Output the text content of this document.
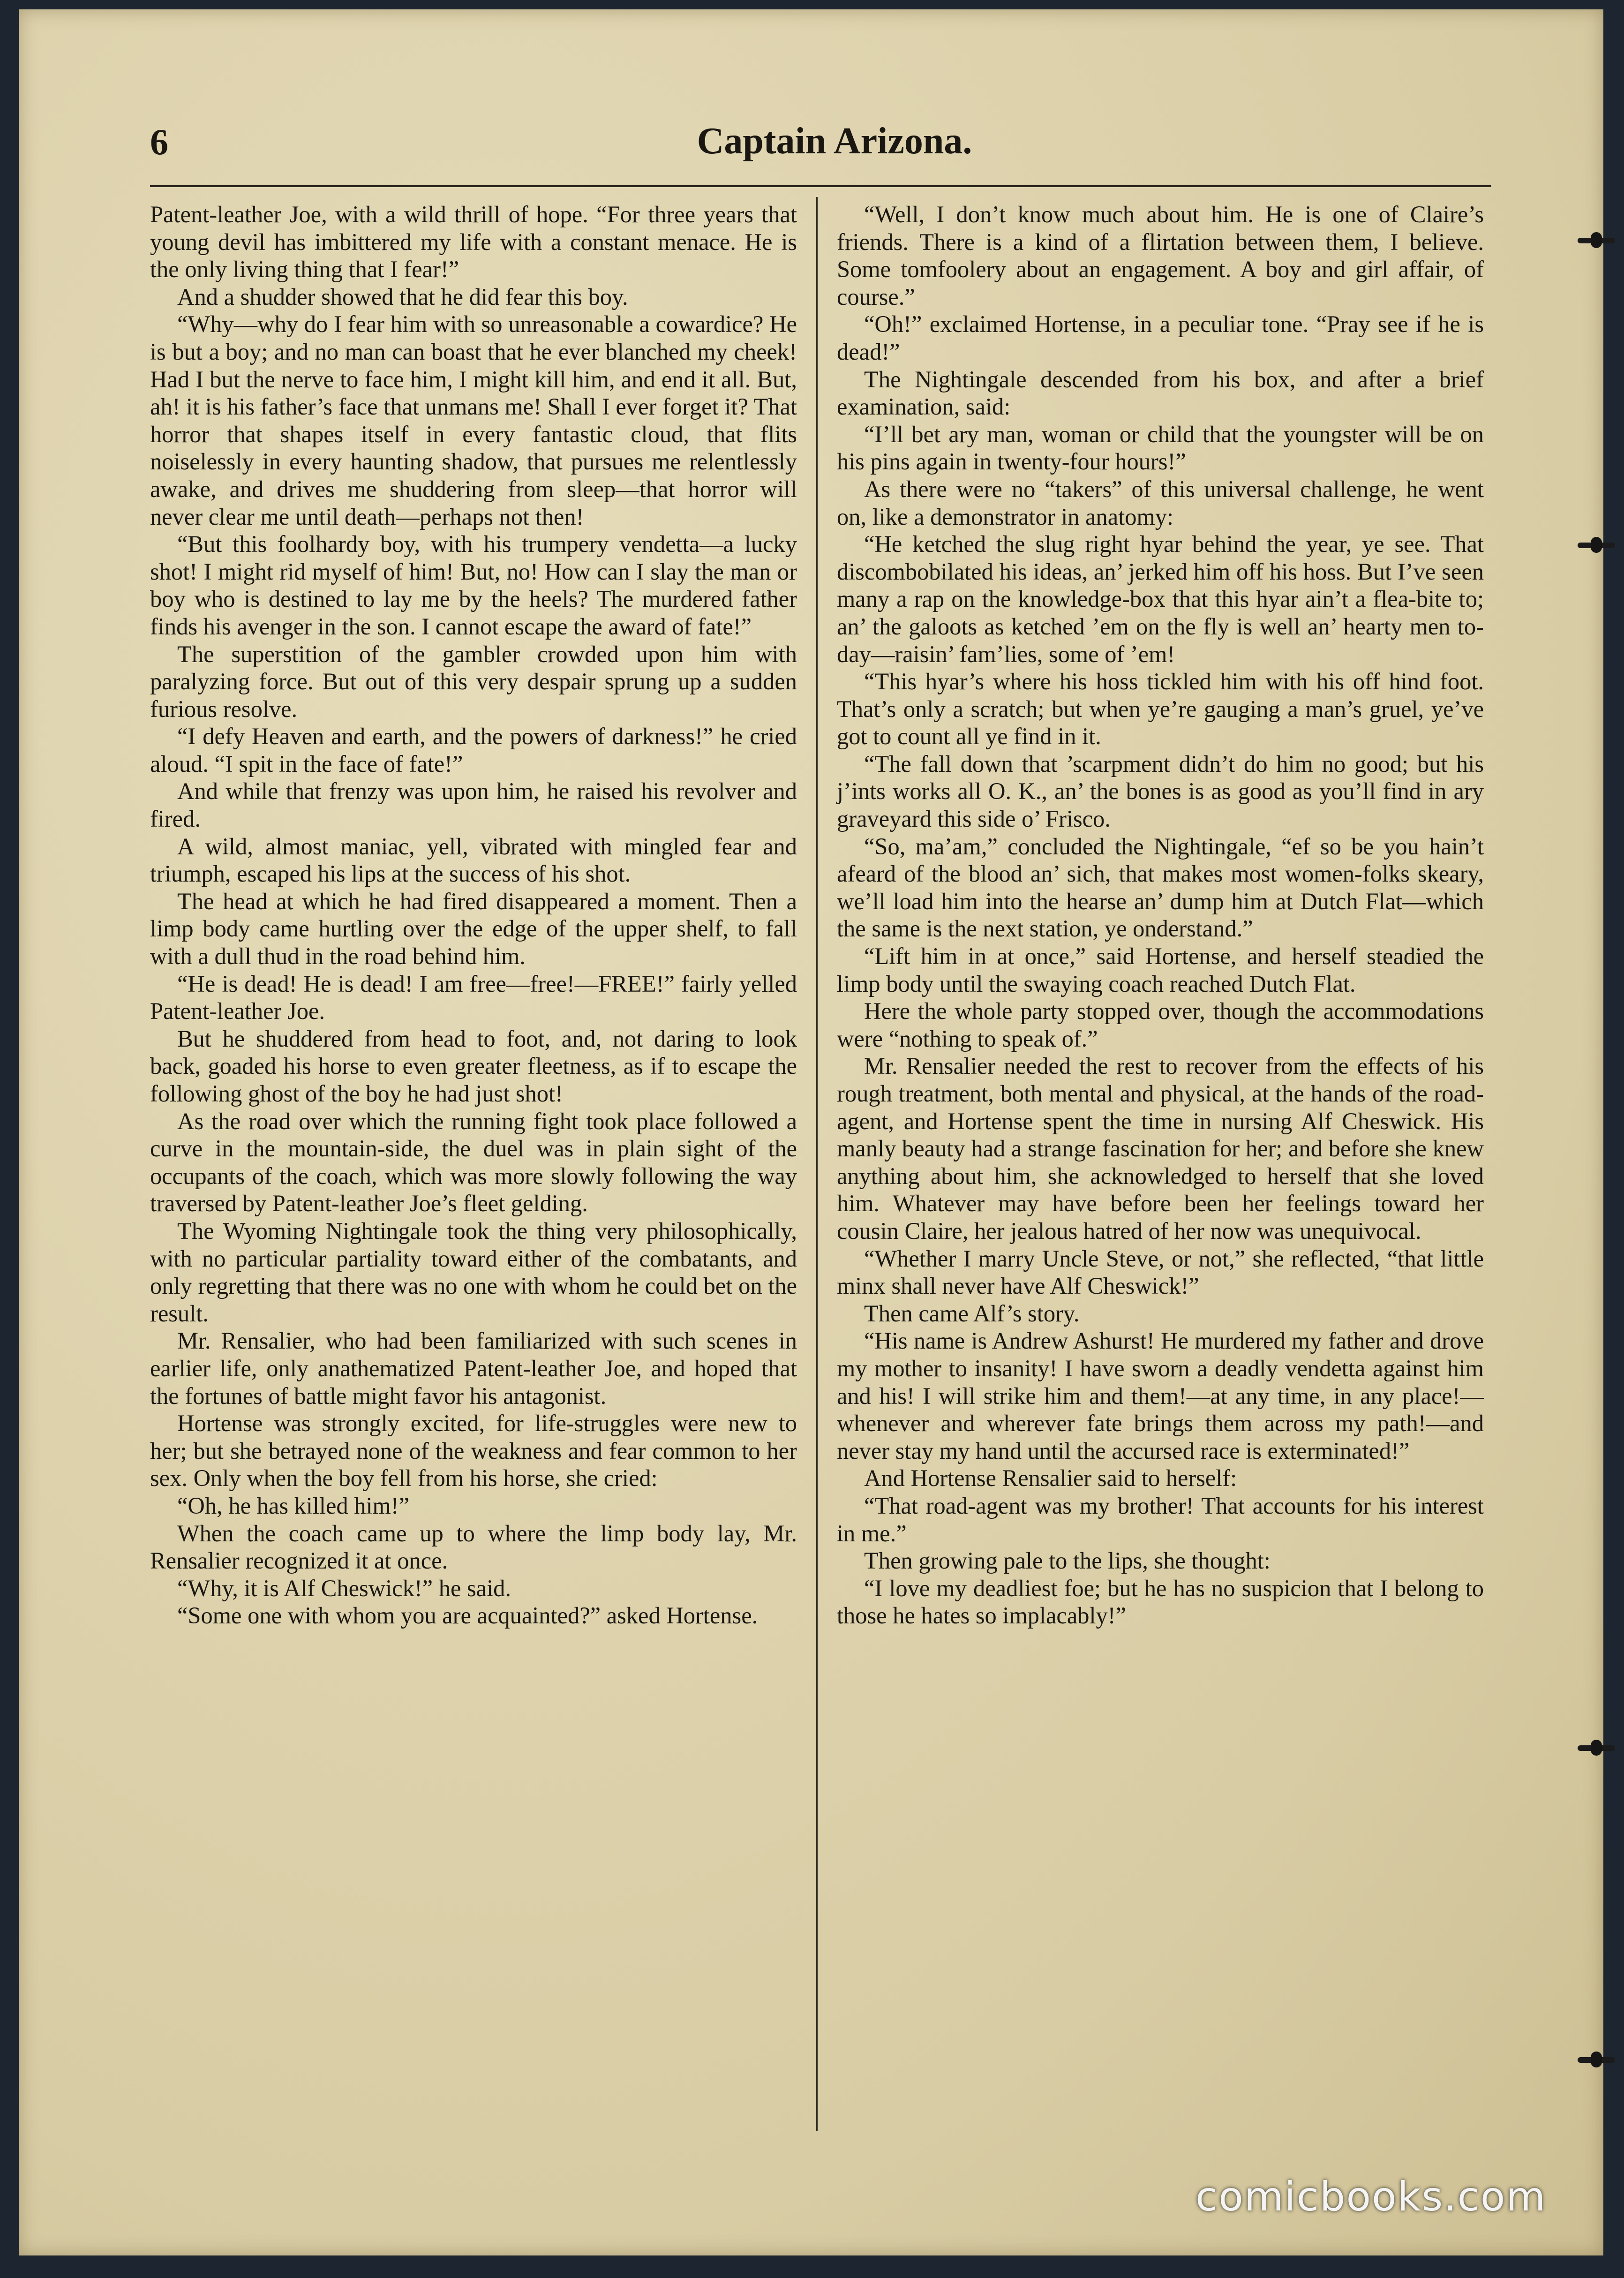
6	Captain Arizona.

Patent-leather Joe, with a wild thrill of hope. “For three years that young devil has imbittered my life with a constant menace. He is the only living thing that I fear!”

And a shudder showed that he did fear this boy.

“Why—why do I fear him with so unreasonable a cowardice? He is but a boy; and no man can boast that he ever blanched my cheek! Had I but the nerve to face him, I might kill him, and end it all. But, ah! it is his father’s face that unmans me! Shall I ever forget it? That horror that shapes itself in every fantastic cloud, that flits noiselessly in every haunting shadow, that pursues me relentlessly awake, and drives me shuddering from sleep—that horror will never clear me until death—perhaps not then!

“But this foolhardy boy, with his trumpery vendetta—a lucky shot! I might rid myself of him! But, no! How can I slay the man or boy who is destined to lay me by the heels? The murdered father finds his avenger in the son. I cannot escape the award of fate!”

The superstition of the gambler crowded upon him with paralyzing force. But out of this very despair sprung up a sudden furious resolve.

“I defy Heaven and earth, and the powers of darkness!” he cried aloud. “I spit in the face of fate!”

And while that frenzy was upon him, he raised his revolver and fired.

A wild, almost maniac, yell, vibrated with mingled fear and triumph, escaped his lips at the success of his shot.

The head at which he had fired disappeared a moment. Then a limp body came hurtling over the edge of the upper shelf, to fall with a dull thud in the road behind him.

“He is dead! He is dead! I am free—free!—FREE!” fairly yelled Patent-leather Joe.

But he shuddered from head to foot, and, not daring to look back, goaded his horse to even greater fleetness, as if to escape the following ghost of the boy he had just shot!

As the road over which the running fight took place followed a curve in the mountain-side, the duel was in plain sight of the occupants of the coach, which was more slowly following the way traversed by Patent-leather Joe’s fleet gelding.

The Wyoming Nightingale took the thing very philosophically, with no particular partiality toward either of the combatants, and only regretting that there was no one with whom he could bet on the result.

Mr. Rensalier, who had been familiarized with such scenes in earlier life, only anathematized Patent-leather Joe, and hoped that the fortunes of battle might favor his antagonist.

Hortense was strongly excited, for life-struggles were new to her; but she betrayed none of the weakness and fear common to her sex. Only when the boy fell from his horse, she cried:

“Oh, he has killed him!”

When the coach came up to where the limp body lay, Mr. Rensalier recognized it at once.

“Why, it is Alf Cheswick!” he said.

“Some one with whom you are acquainted?” asked Hortense.

“Well, I don’t know much about him. He is one of Claire’s friends. There is a kind of a flirtation between them, I believe. Some tomfoolery about an engagement. A boy and girl affair, of course.”

“Oh!” exclaimed Hortense, in a peculiar tone. “Pray see if he is dead!”

The Nightingale descended from his box, and after a brief examination, said:

“I’ll bet ary man, woman or child that the youngster will be on his pins again in twenty-four hours!”

As there were no “takers” of this universal challenge, he went on, like a demonstrator in anatomy:

“He ketched the slug right hyar behind the year, ye see. That discombobilated his ideas, an’ jerked him off his hoss. But I’ve seen many a rap on the knowledge-box that this hyar ain’t a flea-bite to; an’ the galoots as ketched ’em on the fly is well an’ hearty men to-day—raisin’ fam’lies, some of ’em!

“This hyar’s where his hoss tickled him with his off hind foot. That’s only a scratch; but when ye’re gauging a man’s gruel, ye’ve got to count all ye find in it.

“The fall down that ’scarpment didn’t do him no good; but his j’ints works all O. K., an’ the bones is as good as you’ll find in ary graveyard this side o’ Frisco.

“So, ma’am,” concluded the Nightingale, “ef so be you hain’t afeard of the blood an’ sich, that makes most women-folks skeary, we’ll load him into the hearse an’ dump him at Dutch Flat—which the same is the next station, ye onderstand.”

“Lift him in at once,” said Hortense, and herself steadied the limp body until the swaying coach reached Dutch Flat.

Here the whole party stopped over, though the accommodations were “nothing to speak of.”

Mr. Rensalier needed the rest to recover from the effects of his rough treatment, both mental and physical, at the hands of the road-agent, and Hortense spent the time in nursing Alf Cheswick. His manly beauty had a strange fascination for her; and before she knew anything about him, she acknowledged to herself that she loved him. Whatever may have before been her feelings toward her cousin Claire, her jealous hatred of her now was unequivocal.

“Whether I marry Uncle Steve, or not,” she reflected, “that little minx shall never have Alf Cheswick!”

Then came Alf’s story.

“His name is Andrew Ashurst! He murdered my father and drove my mother to insanity! I have sworn a deadly vendetta against him and his! I will strike him and them!—at any time, in any place!—whenever and wherever fate brings them across my path!—and never stay my hand until the accursed race is exterminated!”

And Hortense Rensalier said to herself:

“That road-agent was my brother! That accounts for his interest in me.”

Then growing pale to the lips, she thought:

“I love my deadliest foe; but he has no suspicion that I belong to those he hates so implacably!”

comicbooks.com
